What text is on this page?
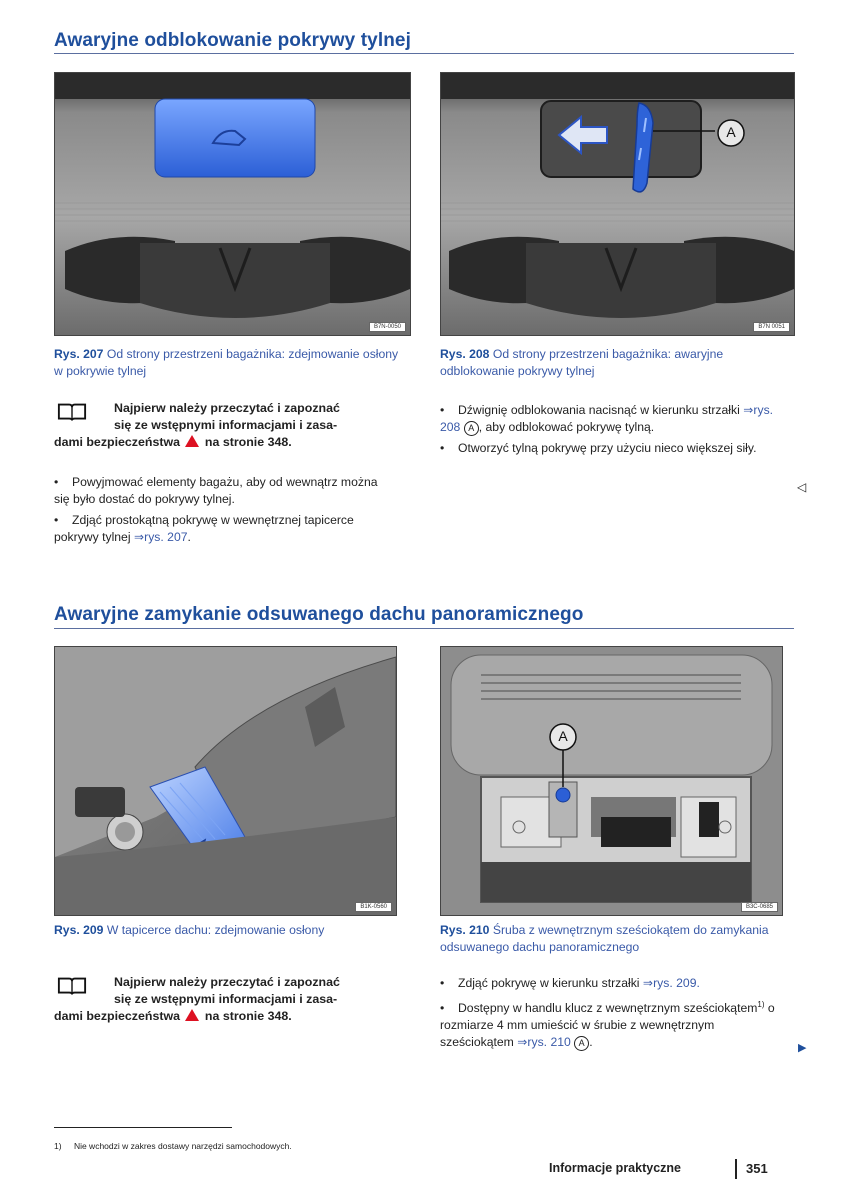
Awaryjne odblokowanie pokrywy tylnej
B7N-0050
A
B7N 0051
Rys. 207 Od strony przestrzeni bagażnika: zdejmowanie osłony w pokrywie tylnej
Rys. 208 Od strony przestrzeni bagażnika: awaryjne odblokowanie pokrywy tylnej
Najpierw należy przeczytać i zapoznać
się ze wstępnymi informacjami i zasa-
dami bezpieczeństwa na stronie 348.
• Powyjmować elementy bagażu, aby od wewnątrz można się było dostać do pokrywy tylnej.
• Zdjąć prostokątną pokrywę w wewnętrznej tapicerce pokrywy tylnej ⇒rys. 207.
• Dźwignię odblokowania nacisnąć w kierunku strzałki ⇒rys. 208 A , aby odblokować pokrywę tylną.
• Otworzyć tylną pokrywę przy użyciu nieco większej siły.
◁
Awaryjne zamykanie odsuwanego dachu panoramicznego
B1K-0560
A
B3C-0685
Rys. 209 W tapicerce dachu: zdejmowanie osłony	Rys. 210 Śruba z wewnętrznym sześciokątem do zamykania odsuwanego dachu panoramicznego
Najpierw należy przeczytać i zapoznać
się ze wstępnymi informacjami i zasa-
dami bezpieczeństwa na stronie 348.
• Zdjąć pokrywę w kierunku strzałki ⇒rys. 209.
• Dostępny w handlu klucz z wewnętrznym sześciokątem$^{1)}$ o rozmiarze 4 mm umieścić w śrubie z wewnętrznym sześciokątem ⇒rys. 210 A .	▶
1) Nie wchodzi w zakres dostawy narzędzi samochodowych.
Informacje praktyczne	351
